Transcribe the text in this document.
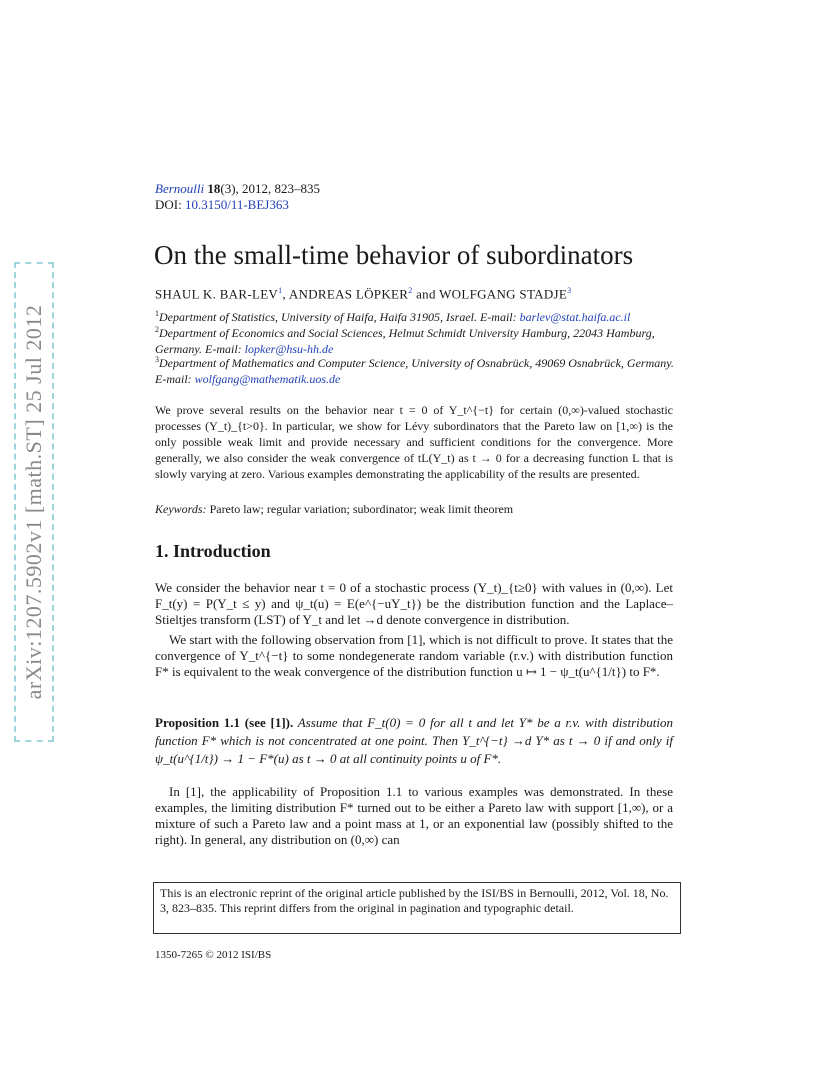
arXiv:1207.5902v1 [math.ST] 25 Jul 2012
Bernoulli 18(3), 2012, 823–835
DOI: 10.3150/11-BEJ363
On the small-time behavior of subordinators
SHAUL K. BAR-LEV$^1$, ANDREAS LÖPKER$^2$ and WOLFGANG STADJE$^3$
$^1$Department of Statistics, University of Haifa, Haifa 31905, Israel. E-mail: barlev@stat.haifa.ac.il
$^2$Department of Economics and Social Sciences, Helmut Schmidt University Hamburg, 22043 Hamburg, Germany. E-mail: lopker@hsu-hh.de
$^3$Department of Mathematics and Computer Science, University of Osnabrück, 49069 Osnabrück, Germany. E-mail: wolfgang@mathematik.uos.de
We prove several results on the behavior near t = 0 of Y_t^{−t} for certain (0,∞)-valued stochastic processes (Y_t)_{t>0}. In particular, we show for Lévy subordinators that the Pareto law on [1,∞) is the only possible weak limit and provide necessary and sufficient conditions for the convergence. More generally, we also consider the weak convergence of tL(Y_t) as t → 0 for a decreasing function L that is slowly varying at zero. Various examples demonstrating the applicability of the results are presented.
Keywords: Pareto law; regular variation; subordinator; weak limit theorem
1. Introduction
We consider the behavior near t = 0 of a stochastic process (Y_t)_{t≥0} with values in (0,∞). Let F_t(y) = P(Y_t ≤ y) and ψ_t(u) = E(e^{−uY_t}) be the distribution function and the Laplace–Stieltjes transform (LST) of Y_t and let →d denote convergence in distribution.
We start with the following observation from [1], which is not difficult to prove. It states that the convergence of Y_t^{−t} to some nondegenerate random variable (r.v.) with distribution function F* is equivalent to the weak convergence of the distribution function u ↦ 1 − ψ_t(u^{1/t}) to F*.
Proposition 1.1 (see [1]). Assume that F_t(0) = 0 for all t and let Y* be a r.v. with distribution function F* which is not concentrated at one point. Then Y_t^{−t} →d Y* as t → 0 if and only if ψ_t(u^{1/t}) → 1 − F*(u) as t → 0 at all continuity points u of F*.
In [1], the applicability of Proposition 1.1 to various examples was demonstrated. In these examples, the limiting distribution F* turned out to be either a Pareto law with support [1,∞), or a mixture of such a Pareto law and a point mass at 1, or an exponential law (possibly shifted to the right). In general, any distribution on (0,∞) can
This is an electronic reprint of the original article published by the ISI/BS in Bernoulli, 2012, Vol. 18, No. 3, 823–835. This reprint differs from the original in pagination and typographic detail.
1350-7265 © 2012 ISI/BS
